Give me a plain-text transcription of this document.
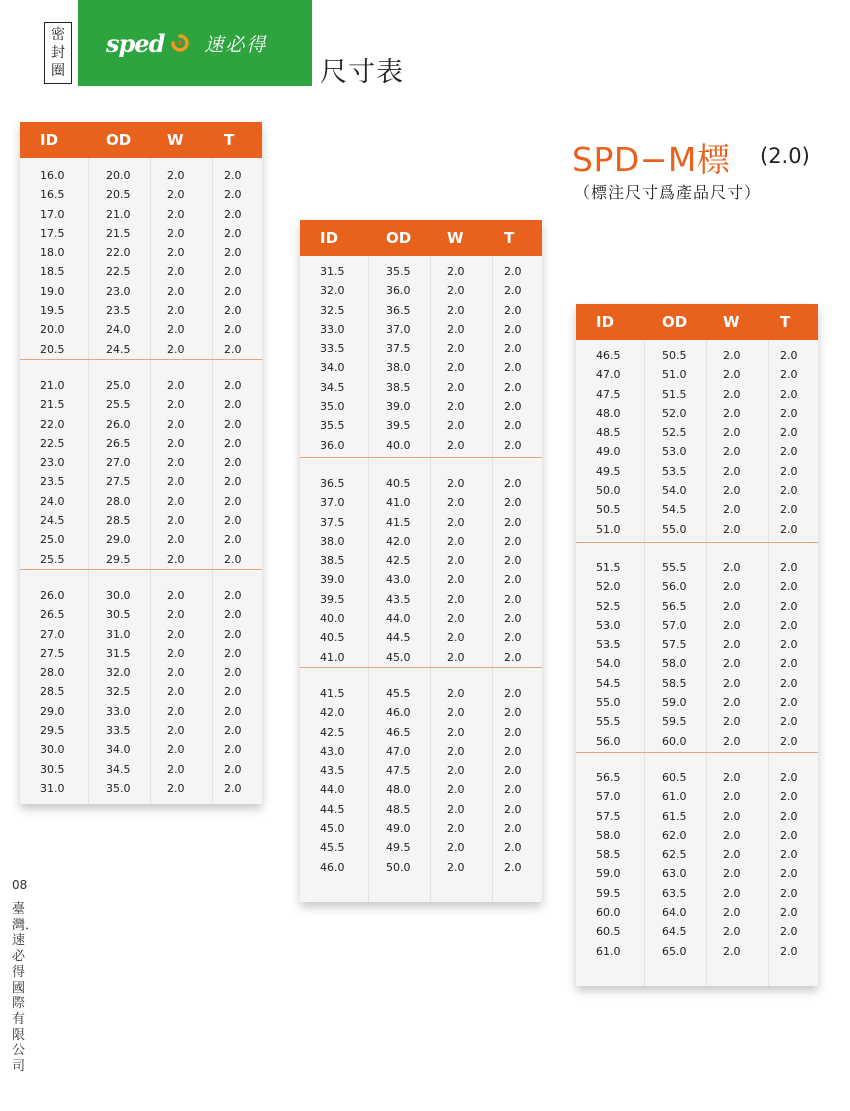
密
封
圈
sped 速必得
尺寸表
SPD−M標 (2.0)
（標注尺寸爲產品尺寸）
ID	OD W	T
16.0	20.0	2.0	2.0
16.5	20.5	2.0	2.0
17.0	21.0	2.0	2.0
17.5	21.5	2.0	2.0
18.0	22.0	2.0	2.0
18.5	22.5	2.0	2.0
19.0	23.0	2.0	2.0
19.5	23.5	2.0	2.0
20.0	24.0	2.0	2.0
20.5	24.5	2.0	2.0
21.0	25.0	2.0	2.0
21.5	25.5	2.0	2.0
22.0	26.0	2.0	2.0
22.5	26.5	2.0	2.0
23.0	27.0	2.0	2.0
23.5	27.5	2.0	2.0
24.0	28.0	2.0	2.0
24.5	28.5	2.0	2.0
25.0	29.0	2.0	2.0
25.5	29.5	2.0	2.0
26.0	30.0	2.0	2.0
26.5	30.5	2.0	2.0
27.0	31.0	2.0	2.0
27.5	31.5	2.0	2.0
28.0	32.0	2.0	2.0
28.5	32.5	2.0	2.0
29.0	33.0	2.0	2.0
29.5	33.5	2.0	2.0
30.0	34.0	2.0	2.0
30.5	34.5	2.0	2.0
31.0	35.0	2.0	2.0
ID	OD W	T
31.5	35.5	2.0	2.0
32.0	36.0	2.0	2.0
32.5	36.5	2.0	2.0
33.0	37.0	2.0	2.0
33.5	37.5	2.0	2.0
34.0	38.0	2.0	2.0
34.5	38.5	2.0	2.0
35.0	39.0	2.0	2.0
35.5	39.5	2.0	2.0
36.0	40.0	2.0	2.0
36.5	40.5	2.0	2.0
37.0	41.0	2.0	2.0
37.5	41.5	2.0	2.0
38.0	42.0	2.0	2.0
38.5	42.5	2.0	2.0
39.0	43.0	2.0	2.0
39.5	43.5	2.0	2.0
40.0	44.0	2.0	2.0
40.5	44.5	2.0	2.0
41.0	45.0	2.0	2.0
41.5	45.5	2.0	2.0
42.0	46.0	2.0	2.0
42.5	46.5	2.0	2.0
43.0	47.0	2.0	2.0
43.5	47.5	2.0	2.0
44.0	48.0	2.0	2.0
44.5	48.5	2.0	2.0
45.0	49.0	2.0	2.0
45.5	49.5	2.0	2.0
46.0	50.0	2.0	2.0
ID	OD W	T
46.5	50.5	2.0	2.0
47.0	51.0	2.0	2.0
47.5	51.5	2.0	2.0
48.0	52.0	2.0	2.0
48.5	52.5	2.0	2.0
49.0	53.0	2.0	2.0
49.5	53.5	2.0	2.0
50.0	54.0	2.0	2.0
50.5	54.5	2.0	2.0
51.0	55.0	2.0	2.0
51.5	55.5	2.0	2.0
52.0	56.0	2.0	2.0
52.5	56.5	2.0	2.0
53.0	57.0	2.0	2.0
53.5	57.5	2.0	2.0
54.0	58.0	2.0	2.0
54.5	58.5	2.0	2.0
55.0	59.0	2.0	2.0
55.5	59.5	2.0	2.0
56.0	60.0	2.0	2.0
56.5	60.5	2.0	2.0
57.0	61.0	2.0	2.0
57.5	61.5	2.0	2.0
58.0	62.0	2.0	2.0
58.5	62.5	2.0	2.0
59.0	63.0	2.0	2.0
59.5	63.5	2.0	2.0
60.0	64.0	2.0	2.0
60.5	64.5	2.0	2.0
61.0	65.0	2.0	2.0
08
臺灣．速必得國際有限公司
